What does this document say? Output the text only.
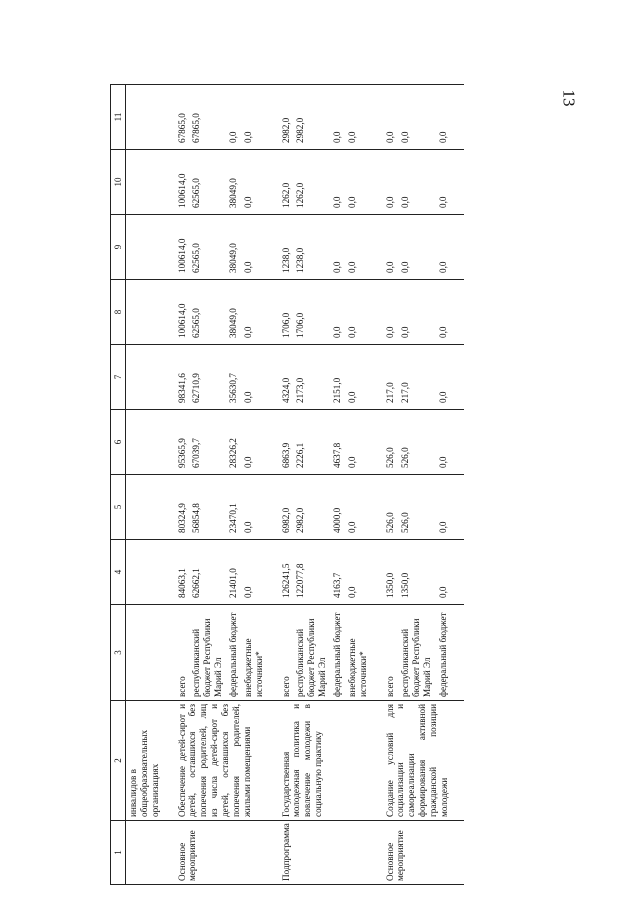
13
1	2	3	4	5	6	7	8	9	10	11
	инвалидов в общеобразовательных организациях									

Основное мероприятие	Обеспечение детей-сирот и детей, оставшихся без попечения родителей, лиц из числа детей-сирот и детей, оставшихся без попечения родителей, жилыми помещениями	всего	84063,1	80324,9	95365,9	98341,6	100614,0	100614,0	100614,0	67865,0
		республиканский бюджет Республики Марий Эл	62662,1	56854,8	67039,7	62710,9	62565,0	62565,0	62565,0	67865,0
		федеральный бюджет	21401,0	23470,1	28326,2	35630,7	38049,0	38049,0	38049,0	0,0
		внебюджетные источники*	0,0	0,0	0,0	0,0	0,0	0,0	0,0	0,0

Подпрограмма	Государственная молодежная политика и вовлечение молодежи в социальную практику	всего	126241,5	6982,0	6863,9	4324,0	1706,0	1238,0	1262,0	2982,0
		республиканский бюджет Республики Марий Эл	122077,8	2982,0	2226,1	2173,0	1706,0	1238,0	1262,0	2982,0
		федеральный бюджет	4163,7	4000,0	4637,8	2151,0	0,0	0,0	0,0	0,0
		внебюджетные источники*	0,0	0,0	0,0	0,0	0,0	0,0	0,0	0,0

Основное мероприятие	Создание условий для социализации и самореализации формирования активной гражданской позиции молодежи	всего	1350,0	526,0	526,0	217,0	0,0	0,0	0,0	0,0
		республиканский бюджет Республики Марий Эл	1350,0	526,0	526,0	217,0	0,0	0,0	0,0	0,0
		федеральный бюджет	0,0	0,0	0,0	0,0	0,0	0,0	0,0	0,0
